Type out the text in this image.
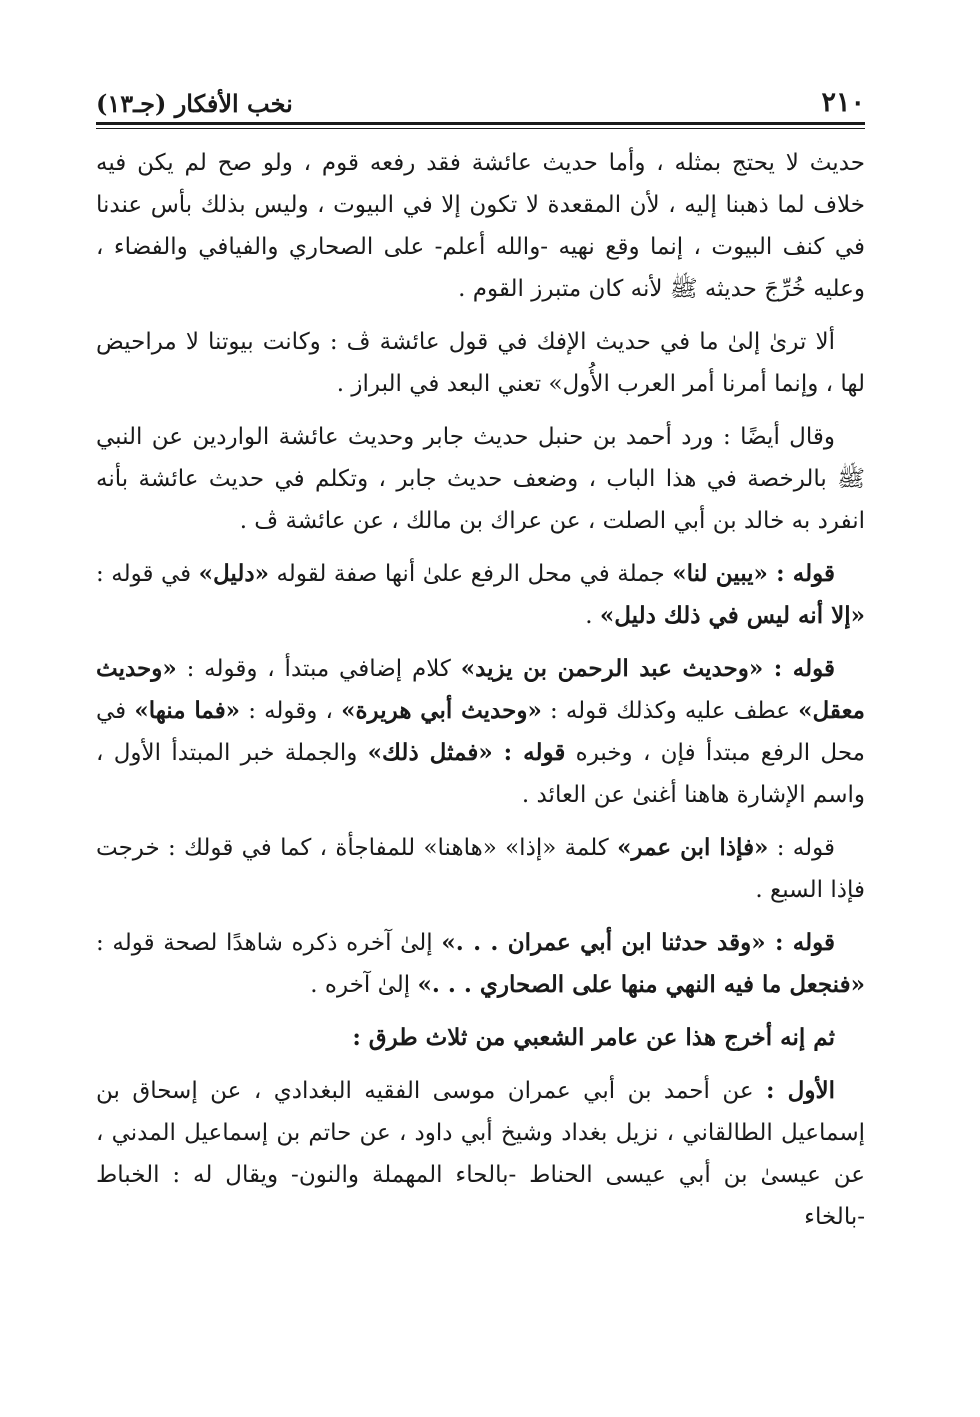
٢١٠
نخب الأفكار (جـ١٣)

حديث لا يحتج بمثله ، وأما حديث عائشة فقد رفعه قوم ، ولو صح لم يكن فيه خلاف لما ذهبنا إليه ، لأن المقعدة لا تكون إلا في البيوت ، وليس بذلك بأس عندنا في كنف البيوت ، إنما وقع نهيه -والله أعلم- على الصحاري والفيافي والفضاء ، وعليه خُرِّجَ حديثه ﷺ لأنه كان متبرز القوم .

ألا ترىٰ إلىٰ ما في حديث الإفك في قول عائشة ڤ : وكانت بيوتنا لا مراحيض لها ، وإنما أمرنا أمر العرب الأُول» تعني البعد في البراز .

وقال أيضًا : ورد أحمد بن حنبل حديث جابر وحديث عائشة الواردين عن النبي ﷺ بالرخصة في هذا الباب ، وضعف حديث جابر ، وتكلم في حديث عائشة بأنه انفرد به خالد بن أبي الصلت ، عن عراك بن مالك ، عن عائشة ڤ .

قوله : «يبين لنا» جملة في محل الرفع علىٰ أنها صفة لقوله «دليل» في قوله : «إلا أنه ليس في ذلك دليل» .

قوله : «وحديث عبد الرحمن بن يزيد» كلام إضافي مبتدأ ، وقوله : «وحديث معقل» عطف عليه وكذلك قوله : «وحديث أبي هريرة» ، وقوله : «فما منها» في محل الرفع مبتدأ فإن ، وخبره قوله : «فمثل ذلك» والجملة خبر المبتدأ الأول ، واسم الإشارة هاهنا أغنىٰ عن العائد .

قوله : «فإذا ابن عمر» كلمة «إذا» «هاهنا» للمفاجأة ، كما في قولك : خرجت فإذا السبع .

قوله : «وقد حدثنا ابن أبي عمران . . .» إلىٰ آخره ذكره شاهدًا لصحة قوله : «فنجعل ما فيه النهي منها على الصحاري . . .» إلىٰ آخره .

ثم إنه أخرج هذا عن عامر الشعبي من ثلاث طرق :

الأول : عن أحمد بن أبي عمران موسى الفقيه البغدادي ، عن إسحاق بن إسماعيل الطالقاني ، نزيل بغداد وشيخ أبي داود ، عن حاتم بن إسماعيل المدني ، عن عيسىٰ بن أبي عيسى الحناط -بالحاء المهملة والنون- ويقال له : الخباط -بالخاء
